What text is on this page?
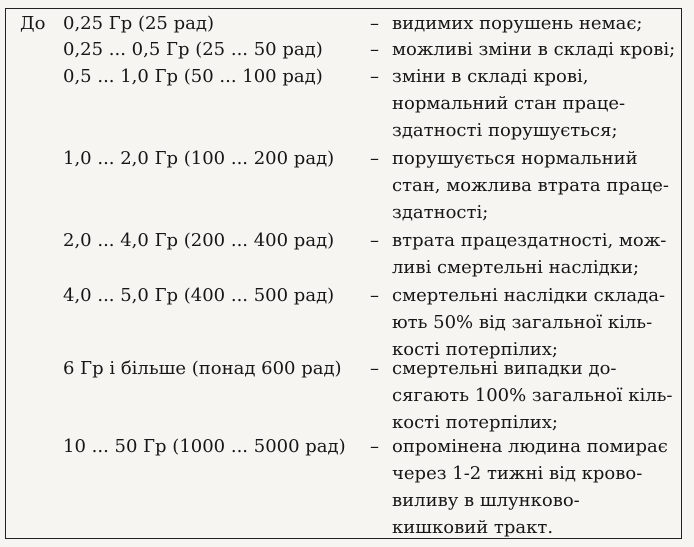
До 0,25 Гр (25 рад)	– видимих порушень немає;
0,25 ... 0,5 Гр (25 ... 50 рад)	– можливі зміни в складі крові;
0,5 ... 1,0 Гр (50 ... 100 рад)	– зміни в складі крові,
нормальний стан праце-
здатності порушується;
1,0 ... 2,0 Гр (100 ... 200 рад) – порушується нормальний
стан, можлива втрата праце-
здатності;
2,0 ... 4,0 Гр (200 ... 400 рад) – втрата працездатності, мож-
ливі смертельні наслідки;
4,0 ... 5,0 Гр (400 ... 500 рад) – смертельні наслідки склада-
ють 50% від загальної кіль-
кості потерпілих;
6 Гр і більше (понад 600 рад) – смертельні випадки до-
сягають 100% загальної кіль-
кості потерпілих;
10 ... 50 Гр (1000 ... 5000 рад) – опромінена людина помирає
через 1-2 тижні від крово-
виливу в шлунково-
кишковий тракт.
